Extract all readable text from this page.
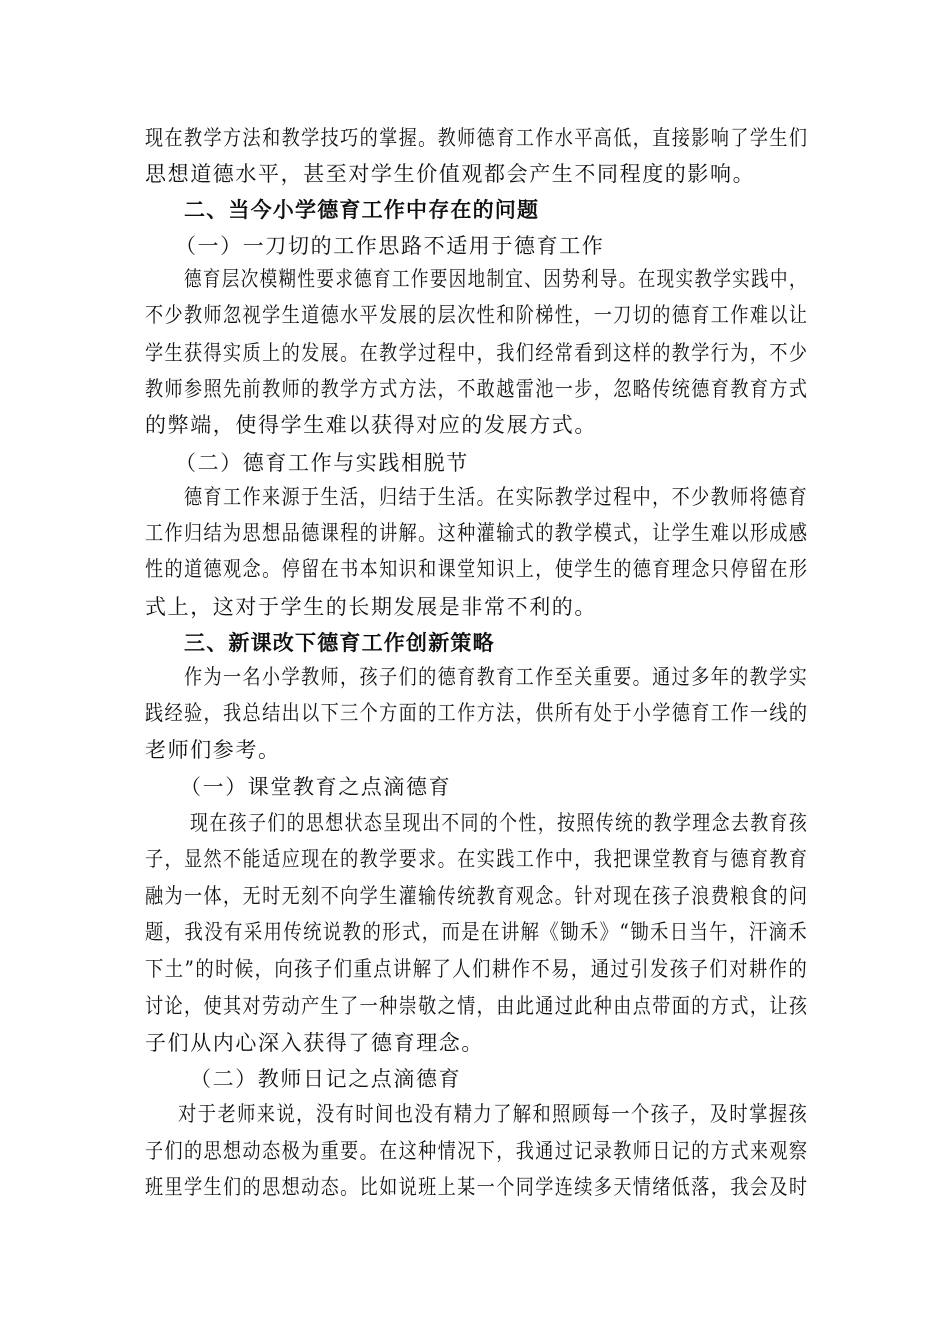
现在教学方法和教学技巧的掌握。教师德育工作水平高低，直接影响了学生们
思想道德水平，甚至对学生价值观都会产生不同程度的影响。
二、当今小学德育工作中存在的问题
（一）一刀切的工作思路不适用于德育工作
德育层次模糊性要求德育工作要因地制宜、因势利导。在现实教学实践中，
不少教师忽视学生道德水平发展的层次性和阶梯性，一刀切的德育工作难以让
学生获得实质上的发展。在教学过程中，我们经常看到这样的教学行为，不少
教师参照先前教师的教学方式方法，不敢越雷池一步，忽略传统德育教育方式
的弊端，使得学生难以获得对应的发展方式。
（二）德育工作与实践相脱节
德育工作来源于生活，归结于生活。在实际教学过程中，不少教师将德育
工作归结为思想品德课程的讲解。这种灌输式的教学模式，让学生难以形成感
性的道德观念。停留在书本知识和课堂知识上，使学生的德育理念只停留在形
式上，这对于学生的长期发展是非常不利的。
三、新课改下德育工作创新策略
作为一名小学教师，孩子们的德育教育工作至关重要。通过多年的教学实
践经验，我总结出以下三个方面的工作方法，供所有处于小学德育工作一线的
老师们参考。
（一）课堂教育之点滴德育
现在孩子们的思想状态呈现出不同的个性，按照传统的教学理念去教育孩
子，显然不能适应现在的教学要求。在实践工作中，我把课堂教育与德育教育
融为一体，无时无刻不向学生灌输传统教育观念。针对现在孩子浪费粮食的问
题，我没有采用传统说教的形式，而是在讲解《锄禾》“锄禾日当午，汗滴禾
下土”的时候，向孩子们重点讲解了人们耕作不易，通过引发孩子们对耕作的
讨论，使其对劳动产生了一种崇敬之情，由此通过此种由点带面的方式，让孩
子们从内心深入获得了德育理念。
（二）教师日记之点滴德育
对于老师来说，没有时间也没有精力了解和照顾每一个孩子，及时掌握孩
子们的思想动态极为重要。在这种情况下，我通过记录教师日记的方式来观察
班里学生们的思想动态。比如说班上某一个同学连续多天情绪低落，我会及时
